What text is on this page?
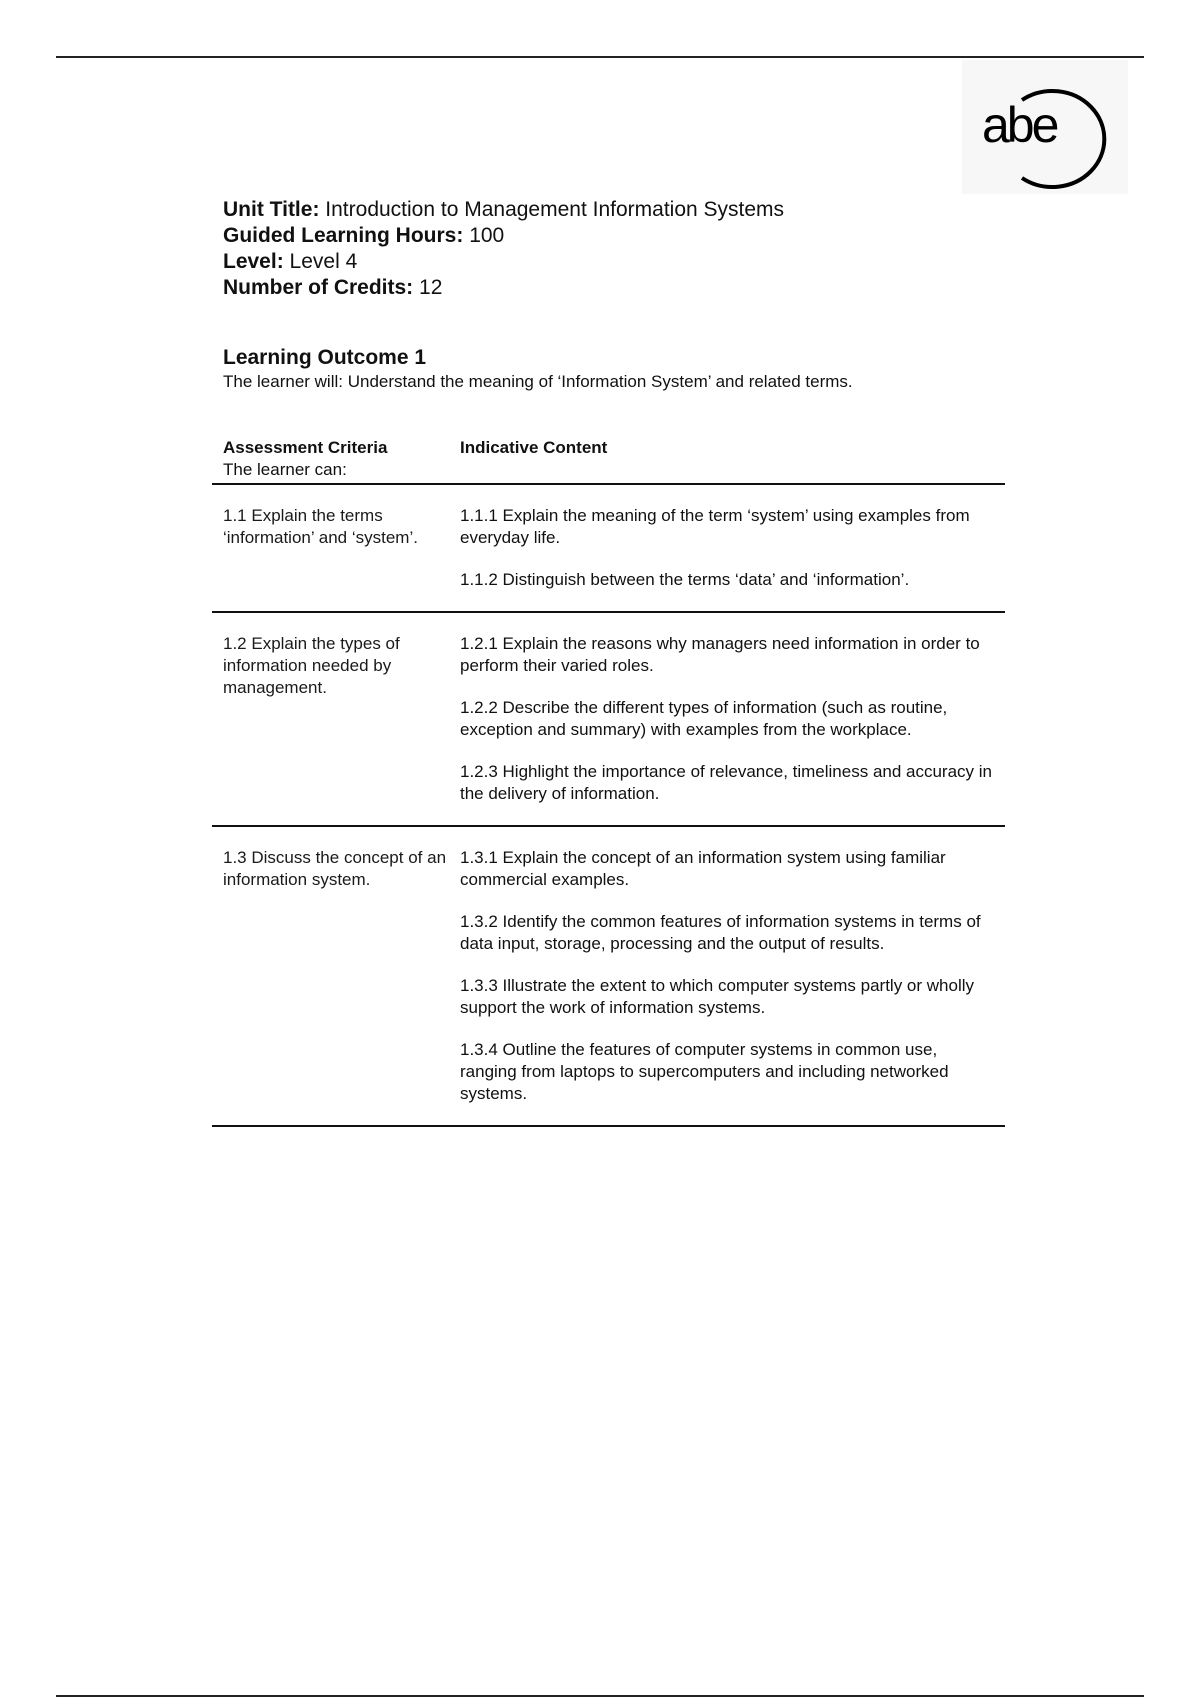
abe
Unit Title: Introduction to Management Information Systems
Guided Learning Hours: 100
Level: Level 4
Number of Credits: 12
Learning Outcome 1
The learner will: Understand the meaning of ‘Information System’ and related terms.
Assessment Criteria
The learner can:
Indicative Content
1.1 Explain the terms ‘information’ and ‘system’.

1.1.1 Explain the meaning of the term ‘system’ using examples from everyday life.

1.1.2 Distinguish between the terms ‘data’ and ‘information’.

1.2 Explain the types of information needed by management.

1.2.1 Explain the reasons why managers need information in order to perform their varied roles.

1.2.2 Describe the different types of information (such as routine, exception and summary) with examples from the workplace.

1.2.3 Highlight the importance of relevance, timeliness and accuracy in the delivery of information.

1.3 Discuss the concept of an information system.

1.3.1 Explain the concept of an information system using familiar commercial examples.

1.3.2 Identify the common features of information systems in terms of data input, storage, processing and the output of results.

1.3.3 Illustrate the extent to which computer systems partly or wholly support the work of information systems.

1.3.4 Outline the features of computer systems in common use, ranging from laptops to supercomputers and including networked systems.
